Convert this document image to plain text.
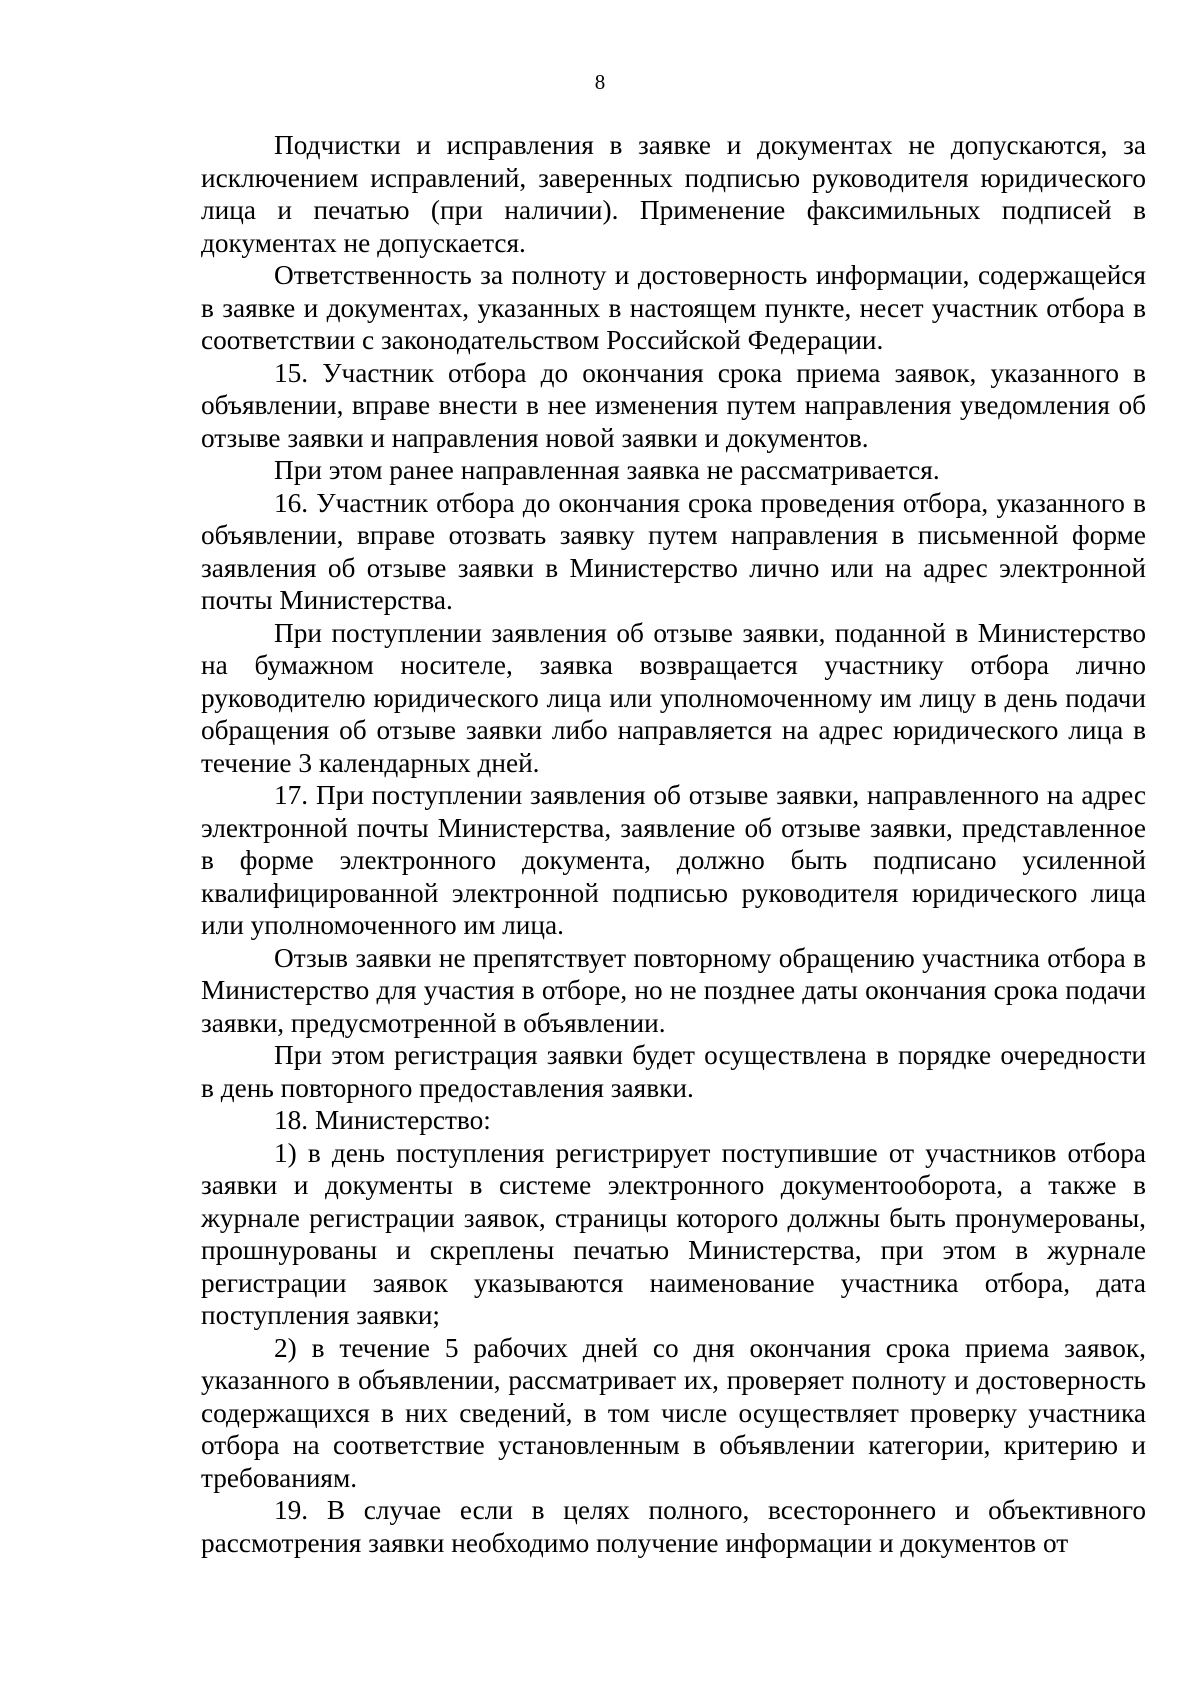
8

Подчистки и исправления в заявке и документах не допускаются, за исключением исправлений, заверенных подписью руководителя юридического лица и печатью (при наличии). Применение факсимильных подписей в документах не допускается.

Ответственность за полноту и достоверность информации, содержащейся в заявке и документах, указанных в настоящем пункте, несет участник отбора в соответствии с законодательством Российской Федерации.

15. Участник отбора до окончания срока приема заявок, указанного в объявлении, вправе внести в нее изменения путем направления уведомления об отзыве заявки и направления новой заявки и документов.

При этом ранее направленная заявка не рассматривается.

16. Участник отбора до окончания срока проведения отбора, указанного в объявлении, вправе отозвать заявку путем направления в письменной форме заявления об отзыве заявки в Министерство лично или на адрес электронной почты Министерства.

При поступлении заявления об отзыве заявки, поданной в Министерство на бумажном носителе, заявка возвращается участнику отбора лично руководителю юридического лица или уполномоченному им лицу в день подачи обращения об отзыве заявки либо направляется на адрес юридического лица в течение 3 календарных дней.

17. При поступлении заявления об отзыве заявки, направленного на адрес электронной почты Министерства, заявление об отзыве заявки, представленное в форме электронного документа, должно быть подписано усиленной квалифицированной электронной подписью руководителя юридического лица или уполномоченного им лица.

Отзыв заявки не препятствует повторному обращению участника отбора в Министерство для участия в отборе, но не позднее даты окончания срока подачи заявки, предусмотренной в объявлении.

При этом регистрация заявки будет осуществлена в порядке очередности в день повторного предоставления заявки.

18. Министерство:

1) в день поступления регистрирует поступившие от участников отбора заявки и документы в системе электронного документооборота, а также в журнале регистрации заявок, страницы которого должны быть пронумерованы, прошнурованы и скреплены печатью Министерства, при этом в журнале регистрации заявок указываются наименование участника отбора, дата поступления заявки;

2) в течение 5 рабочих дней со дня окончания срока приема заявок, указанного в объявлении, рассматривает их, проверяет полноту и достоверность содержащихся в них сведений, в том числе осуществляет проверку участника отбора на соответствие установленным в объявлении категории, критерию и требованиям.

19. В случае если в целях полного, всестороннего и объективного рассмотрения заявки необходимо получение информации и документов от
